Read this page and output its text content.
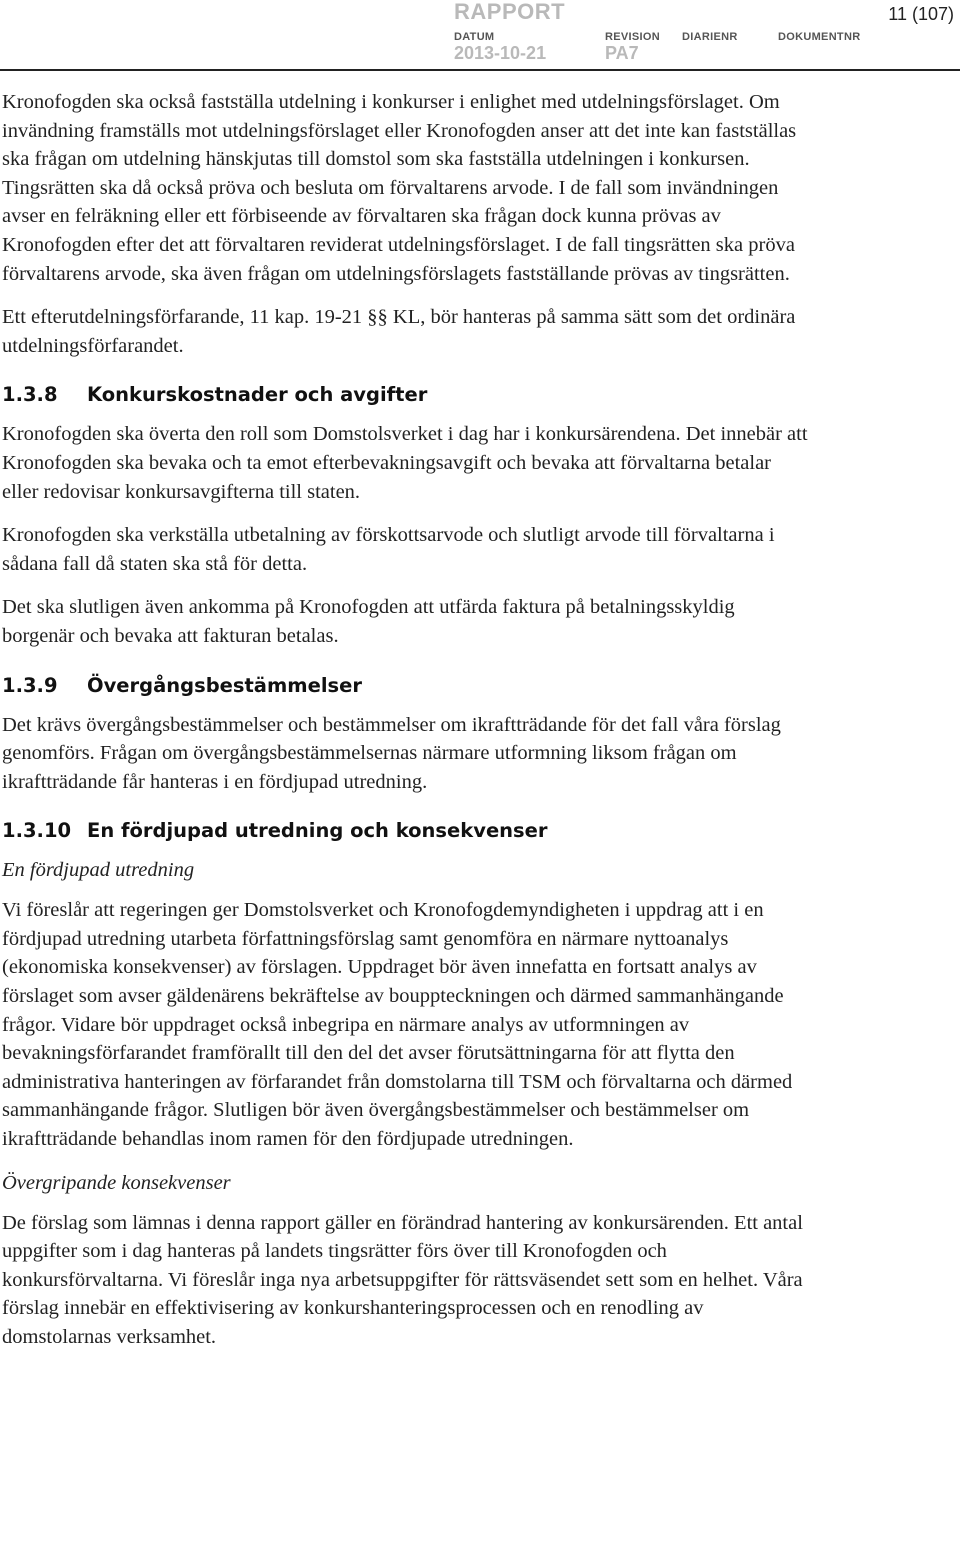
RAPPORT	11 (107)
DATUM
2013-10-21
REVISION
PA7
DIARIENR	DOKUMENTNR

Kronofogden ska också fastställa utdelning i konkurser i enlighet med utdelningsförslaget. Om invändning framställs mot utdelningsförslaget eller Kronofogden anser att det inte kan fastställas ska frågan om utdelning hänskjutas till domstol som ska fastställa utdelningen i konkursen. Tingsrätten ska då också pröva och besluta om förvaltarens arvode. I de fall som invändningen avser en felräkning eller ett förbiseende av förvaltaren ska frågan dock kunna prövas av Kronofogden efter det att förvaltaren reviderat utdelningsförslaget. I de fall tingsrätten ska pröva förvaltarens arvode, ska även frågan om utdelningsförslagets fastställande prövas av tingsrätten.

Ett efterutdelningsförfarande, 11 kap. 19-21 §§ KL, bör hanteras på samma sätt som det ordinära utdelningsförfarandet.

1.3.8 Konkurskostnader och avgifter

Kronofogden ska överta den roll som Domstolsverket i dag har i konkursärendena. Det innebär att Kronofogden ska bevaka och ta emot efterbevakningsavgift och bevaka att förvaltarna betalar eller redovisar konkursavgifterna till staten.

Kronofogden ska verkställa utbetalning av förskottsarvode och slutligt arvode till förvaltarna i sådana fall då staten ska stå för detta.

Det ska slutligen även ankomma på Kronofogden att utfärda faktura på betalningsskyldig borgenär och bevaka att fakturan betalas.

1.3.9 Övergångsbestämmelser

Det krävs övergångsbestämmelser och bestämmelser om ikraftträdande för det fall våra förslag genomförs. Frågan om övergångsbestämmelsernas närmare utformning liksom frågan om ikraftträdande får hanteras i en fördjupad utredning.

1.3.10 En fördjupad utredning och konsekvenser
En fördjupad utredning

Vi föreslår att regeringen ger Domstolsverket och Kronofogdemyndigheten i uppdrag att i en fördjupad utredning utarbeta författningsförslag samt genomföra en närmare nyttoanalys (ekonomiska konsekvenser) av förslagen. Uppdraget bör även innefatta en fortsatt analys av förslaget som avser gäldenärens bekräftelse av bouppteckningen och därmed sammanhängande frågor. Vidare bör uppdraget också inbegripa en närmare analys av utformningen av bevakningsförfarandet framförallt till den del det avser förutsättningarna för att flytta den administrativa hanteringen av förfarandet från domstolarna till TSM och förvaltarna och därmed sammanhängande frågor. Slutligen bör även övergångsbestämmelser och bestämmelser om ikraftträdande behandlas inom ramen för den fördjupade utredningen.

Övergripande konsekvenser

De förslag som lämnas i denna rapport gäller en förändrad hantering av konkursärenden. Ett antal uppgifter som i dag hanteras på landets tingsrätter förs över till Kronofogden och konkursförvaltarna. Vi föreslår inga nya arbetsuppgifter för rättsväsendet sett som en helhet. Våra förslag innebär en effektivisering av konkurshanteringsprocessen och en renodling av domstolarnas verksamhet.
